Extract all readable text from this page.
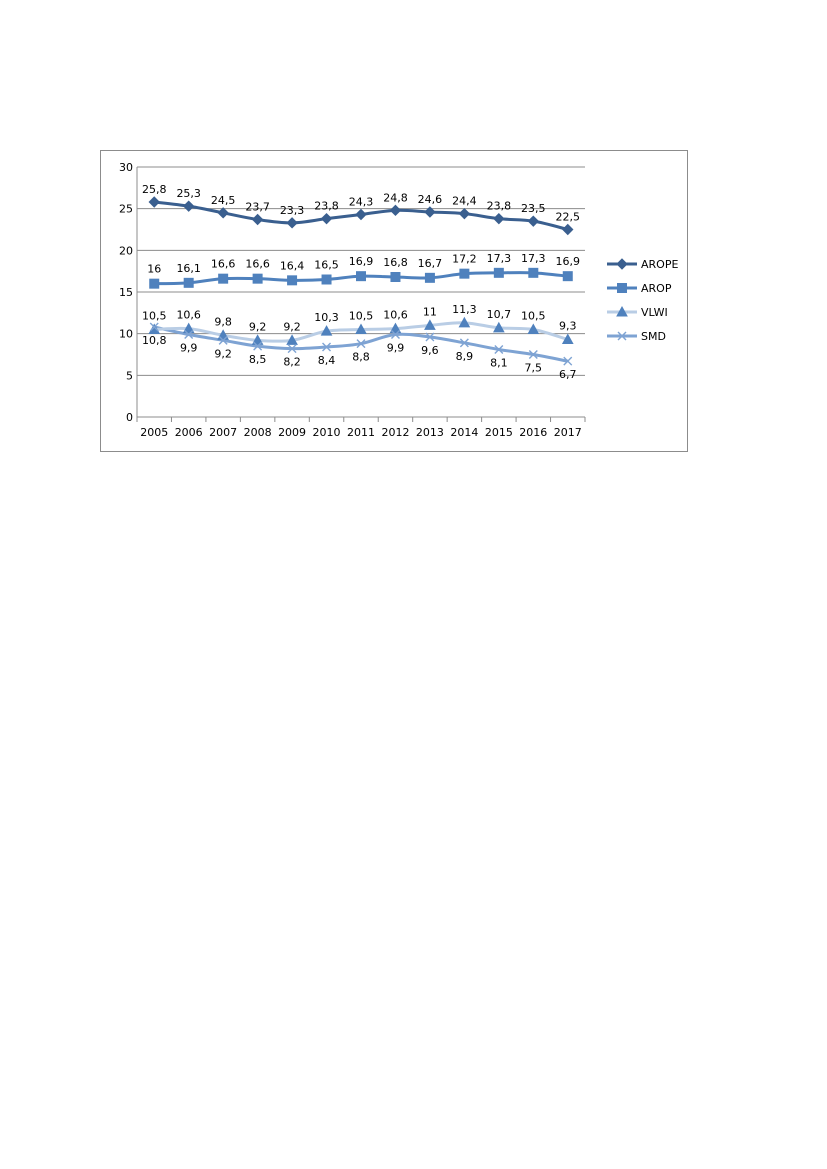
0
5
10
15
20
25
30
2005 2006 2007 2008 2009 2010 2011 2012 2013 2014 2015 2016 2017
25,8 25,3
24,5
23,7 23,3 23,8 24,3 24,8 24,6 24,4 23,8 23,5
22,5
16 16,1 16,6 16,6 16,4 16,5 16,9 16,8 16,7 17,2 17,3 17,3 16,9
10,5 10,6
9,8 9,2 9,2
10,3 10,5 10,6 11 11,3 10,7 10,5
9,3
10,8
9,9 9,2 8,5 8,2 8,4 8,8
9,9 9,6 8,9
8,1 7,5
6,7
AROPE
AROP
VLWI
SMD
